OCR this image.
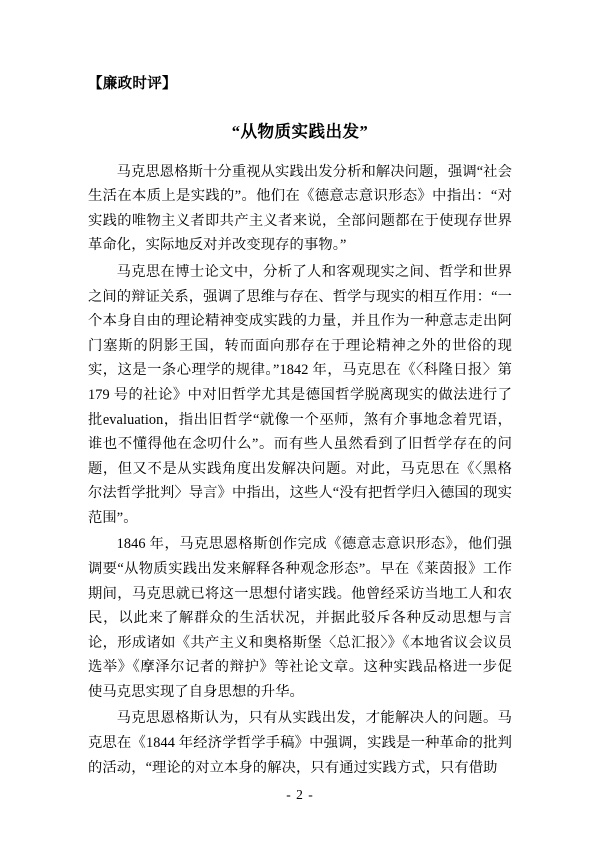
【廉政时评】
“从物质实践出发”

马克思恩格斯十分重视从实践出发分析和解决问题，强调“社会生活在本质上是实践的”。他们在《德意志意识形态》中指出：“对实践的唯物主义者即共产主义者来说，全部问题都在于使现存世界革命化，实际地反对并改变现存的事物。”

马克思在博士论文中，分析了人和客观现实之间、哲学和世界之间的辩证关系，强调了思维与存在、哲学与现实的相互作用：“一个本身自由的理论精神变成实践的力量，并且作为一种意志走出阿门塞斯的阴影王国，转而面向那存在于理论精神之外的世俗的现实，这是一条心理学的规律。”1842 年，马克思在《〈科隆日报〉第 179 号的社论》中对旧哲学尤其是德国哲学脱离现实的做法进行了批evaluation，指出旧哲学“就像一个巫师，煞有介事地念着咒语，谁也不懂得他在念叨什么”。而有些人虽然看到了旧哲学存在的问题，但又不是从实践角度出发解决问题。对此，马克思在《〈黑格尔法哲学批判〉导言》中指出，这些人“没有把哲学归入德国的现实范围”。

1846 年，马克思恩格斯创作完成《德意志意识形态》，他们强调要“从物质实践出发来解释各种观念形态”。早在《莱茵报》工作期间，马克思就已将这一思想付诸实践。他曾经采访当地工人和农民，以此来了解群众的生活状况，并据此驳斥各种反动思想与言论，形成诸如《共产主义和奥格斯堡〈总汇报〉》《本地省议会议员选举》《摩泽尔记者的辩护》等社论文章。这种实践品格进一步促使马克思实现了自身思想的升华。

马克思恩格斯认为，只有从实践出发，才能解决人的问题。马克思在《1844 年经济学哲学手稿》中强调，实践是一种革命的批判的活动，“理论的对立本身的解决，只有通过实践方式，只有借助

- 2 -
